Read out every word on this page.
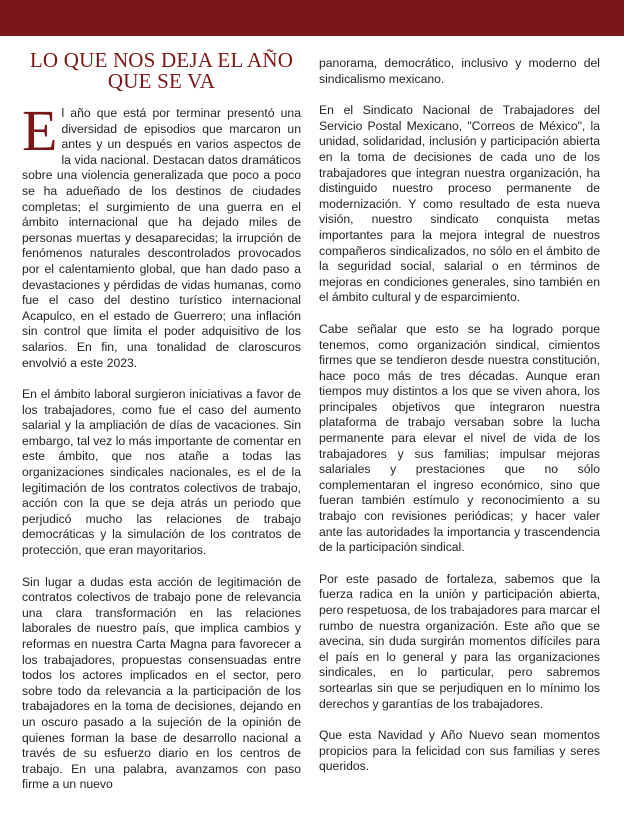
LO QUE NOS DEJA EL AÑO
QUE SE VA

El año que está por terminar presentó una diversidad de episodios que marcaron un antes y un después en varios aspectos de la vida nacional. Destacan datos dramáticos sobre una violencia generalizada que poco a poco se ha adueñado de los destinos de ciudades completas; el surgimiento de una guerra en el ámbito internacional que ha dejado miles de personas muertas y desaparecidas; la irrupción de fenómenos naturales descontrolados provocados por el calentamiento global, que han dado paso a devastaciones y pérdidas de vidas humanas, como fue el caso del destino turístico internacional Acapulco, en el estado de Guerrero; una inflación sin control que limita el poder adquisitivo de los salarios. En fin, una tonalidad de claroscuros envolvió a este 2023.

En el ámbito laboral surgieron iniciativas a favor de los trabajadores, como fue el caso del aumento salarial y la ampliación de días de vacaciones. Sin embargo, tal vez lo más importante de comentar en este ámbito, que nos atañe a todas las organizaciones sindicales nacionales, es el de la legitimación de los contratos colectivos de trabajo, acción con la que se deja atrás un periodo que perjudicó mucho las relaciones de trabajo democráticas y la simulación de los contratos de protección, que eran mayoritarios.

Sin lugar a dudas esta acción de legitimación de contratos colectivos de trabajo pone de relevancia una clara transformación en las relaciones laborales de nuestro país, que implica cambios y reformas en nuestra Carta Magna para favorecer a los trabajadores, propuestas consensuadas entre todos los actores implicados en el sector, pero sobre todo da relevancia a la participación de los trabajadores en la toma de decisiones, dejando en un oscuro pasado a la sujeción de la opinión de quienes forman la base de desarrollo nacional a través de su esfuerzo diario en los centros de trabajo. En una palabra, avanzamos con paso firme a un nuevo

panorama, democrático, inclusivo y moderno del sindicalismo mexicano.

En el Sindicato Nacional de Trabajadores del Servicio Postal Mexicano, "Correos de México", la unidad, solidaridad, inclusión y participación abierta en la toma de decisiones de cada uno de los trabajadores que integran nuestra organización, ha distinguido nuestro proceso permanente de modernización. Y como resultado de esta nueva visión, nuestro sindicato conquista metas importantes para la mejora integral de nuestros compañeros sindicalizados, no sólo en el ámbito de la seguridad social, salarial o en términos de mejoras en condiciones generales, sino también en el ámbito cultural y de esparcimiento.

Cabe señalar que esto se ha logrado porque tenemos, como organización sindical, cimientos firmes que se tendieron desde nuestra constitución, hace poco más de tres décadas. Aunque eran tiempos muy distintos a los que se viven ahora, los principales objetivos que integraron nuestra plataforma de trabajo versaban sobre la lucha permanente para elevar el nivel de vida de los trabajadores y sus familias; impulsar mejoras salariales y prestaciones que no sólo complementaran el ingreso económico, sino que fueran también estímulo y reconocimiento a su trabajo con revisiones periódicas; y hacer valer ante las autoridades la importancia y trascendencia de la participación sindical.

Por este pasado de fortaleza, sabemos que la fuerza radica en la unión y participación abierta, pero respetuosa, de los trabajadores para marcar el rumbo de nuestra organización. Este año que se avecina, sin duda surgirán momentos difíciles para el país en lo general y para las organizaciones sindicales, en lo particular, pero sabremos sortearlas sin que se perjudiquen en lo mínimo los derechos y garantías de los trabajadores.

Que esta Navidad y Año Nuevo sean momentos propicios para la felicidad con sus familias y seres queridos.
